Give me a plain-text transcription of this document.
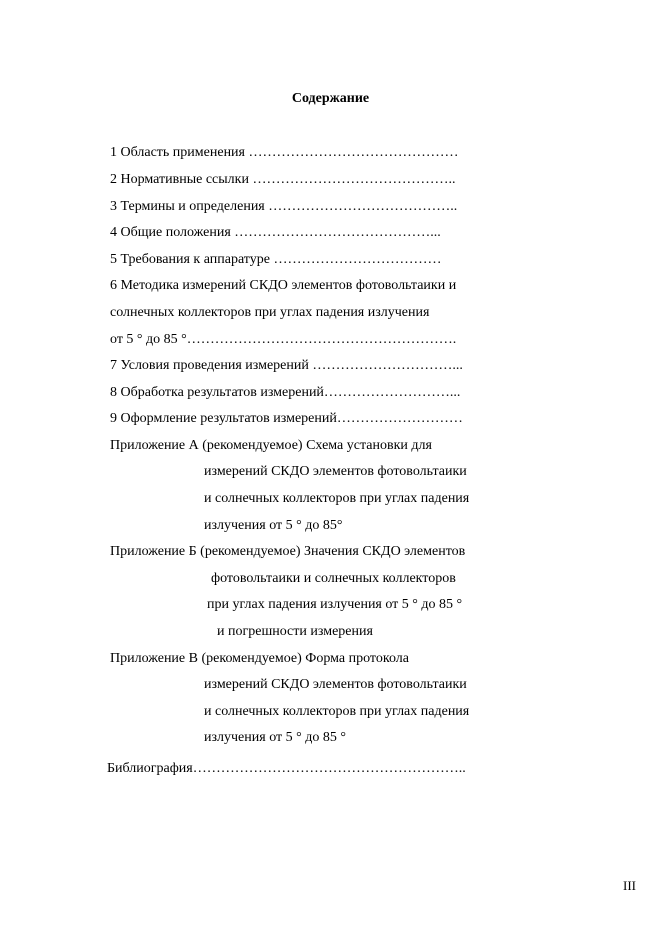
Содержание
1 Область применения ………………………………………
2 Нормативные ссылки ……………………………………..
3 Термины и определения …………………………………..
4 Общие положения ……………………………………...
5 Требования к аппаратуре ………………………………
6 Методика измерений СКДО элементов фотовольтаики и
солнечных коллекторов при углах падения излучения
от 5 ° до 85 °………………………………………………….
7 Условия проведения измерений …………………………...
8 Обработка результатов измерений………………………...
9 Оформление результатов измерений………………………
Приложение А (рекомендуемое) Схема установки для
измерений СКДО элементов фотовольтаики
и солнечных коллекторов при углах падения
излучения от 5 ° до 85°
Приложение Б (рекомендуемое) Значения СКДО элементов
фотовольтаики и солнечных коллекторов
при углах падения излучения от 5 ° до 85 °
и погрешности измерения
Приложение В (рекомендуемое) Форма протокола
измерений СКДО элементов фотовольтаики
и солнечных коллекторов при углах падения
излучения от 5 ° до 85 °
Библиография…………………………………………………..
III
